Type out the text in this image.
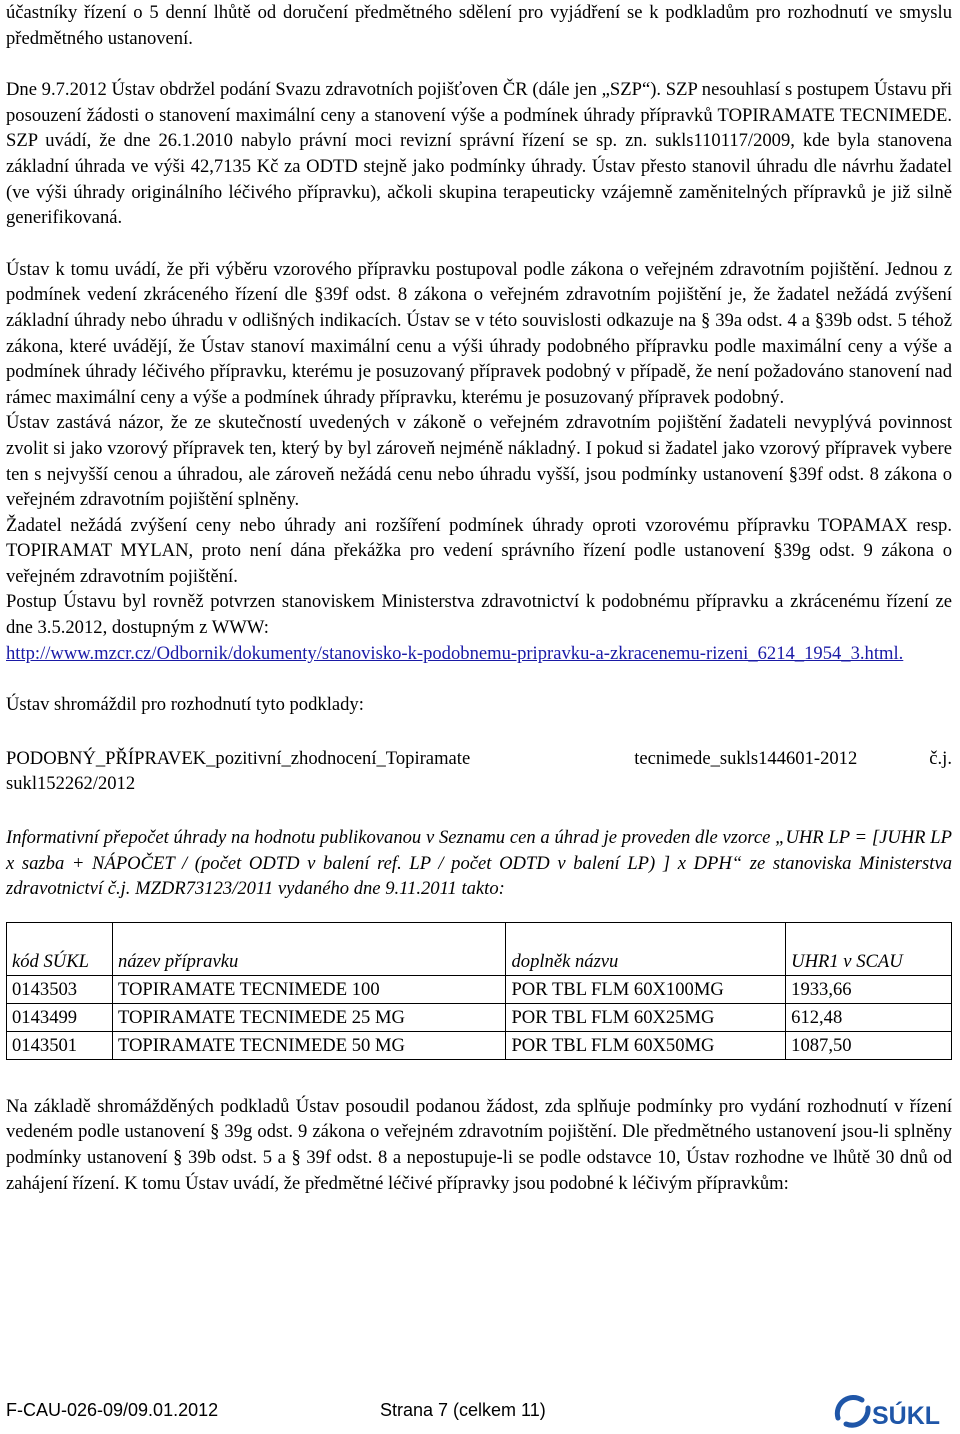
účastníky řízení o 5 denní lhůtě od doručení předmětného sdělení pro vyjádření se k podkladům pro rozhodnutí ve smyslu předmětného ustanovení.

Dne 9.7.2012 Ústav obdržel podání Svazu zdravotních pojišťoven ČR (dále jen „SZP“). SZP nesouhlasí s postupem Ústavu při posouzení žádosti o stanovení maximální ceny a stanovení výše a podmínek úhrady přípravků TOPIRAMATE TECNIMEDE. SZP uvádí, že dne 26.1.2010 nabylo právní moci revizní správní řízení se sp. zn. sukls110117/2009, kde byla stanovena základní úhrada ve výši 42,7135 Kč za ODTD stejně jako podmínky úhrady. Ústav přesto stanovil úhradu dle návrhu žadatel (ve výši úhrady originálního léčivého přípravku), ačkoli skupina terapeuticky vzájemně zaměnitelných přípravků je již silně generifikovaná.

Ústav k tomu uvádí, že při výběru vzorového přípravku postupoval podle zákona o veřejném zdravotním pojištění. Jednou z podmínek vedení zkráceného řízení dle §39f odst. 8 zákona o veřejném zdravotním pojištění je, že žadatel nežádá zvýšení základní úhrady nebo úhradu v odlišných indikacích. Ústav se v této souvislosti odkazuje na § 39a odst. 4 a §39b odst. 5 téhož zákona, které uvádějí, že Ústav stanoví maximální cenu a výši úhrady podobného přípravku podle maximální ceny a výše a podmínek úhrady léčivého přípravku, kterému je posuzovaný přípravek podobný v případě, že není požadováno stanovení nad rámec maximální ceny a výše a podmínek úhrady přípravku, kterému je posuzovaný přípravek podobný.

Ústav zastává názor, že ze skutečností uvedených v zákoně o veřejném zdravotním pojištění žadateli nevyplývá povinnost zvolit si jako vzorový přípravek ten, který by byl zároveň nejméně nákladný. I pokud si žadatel jako vzorový přípravek vybere ten s nejvyšší cenou a úhradou, ale zároveň nežádá cenu nebo úhradu vyšší, jsou podmínky ustanovení §39f odst. 8 zákona o veřejném zdravotním pojištění splněny.

Žadatel nežádá zvýšení ceny nebo úhrady ani rozšíření podmínek úhrady oproti vzorovému přípravku TOPAMAX resp. TOPIRAMAT MYLAN, proto není dána překážka pro vedení správního řízení podle ustanovení §39g odst. 9 zákona o veřejném zdravotním pojištění.

Postup Ústavu byl rovněž potvrzen stanoviskem Ministerstva zdravotnictví k podobnému přípravku a zkrácenému řízení ze dne 3.5.2012, dostupným z WWW:

http://www.mzcr.cz/Odbornik/dokumenty/stanovisko-k-podobnemu-pripravku-a-zkracenemu-rizeni_6214_1954_3.html.

Ústav shromáždil pro rozhodnutí tyto podklady:

PODOBNÝ_PŘÍPRAVEK_pozitivní_zhodnocení_Topiramate	tecnimede_sukls144601-2012	č.j.

sukl152262/2012

Informativní přepočet úhrady na hodnotu publikovanou v Seznamu cen a úhrad je proveden dle vzorce „UHR LP = [JUHR LP x sazba + NÁPOČET / (počet ODTD v balení ref. LP / počet ODTD v balení LP) ] x DPH“ ze stanoviska Ministerstva zdravotnictví č.j. MZDR73123/2011 vydaného dne 9.11.2011 takto:

kód SÚKL	název přípravku	doplněk názvu	UHR1 v SCAU
0143503	TOPIRAMATE TECNIMEDE 100	POR TBL FLM 60X100MG	1933,66
0143499	TOPIRAMATE TECNIMEDE 25 MG	POR TBL FLM 60X25MG	612,48
0143501	TOPIRAMATE TECNIMEDE 50 MG	POR TBL FLM 60X50MG	1087,50

Na základě shromážděných podkladů Ústav posoudil podanou žádost, zda splňuje podmínky pro vydání rozhodnutí v řízení vedeném podle ustanovení § 39g odst. 9 zákona o veřejném zdravotním pojištění. Dle předmětného ustanovení jsou-li splněny podmínky ustanovení § 39b odst. 5 a § 39f odst. 8 a nepostupuje-li se podle odstavce 10, Ústav rozhodne ve lhůtě 30 dnů od zahájení řízení. K tomu Ústav uvádí, že předmětné léčivé přípravky jsou podobné k léčivým přípravkům:

F-CAU-026-09/09.01.2012	Strana 7 (celkem 11)	SÚKL
